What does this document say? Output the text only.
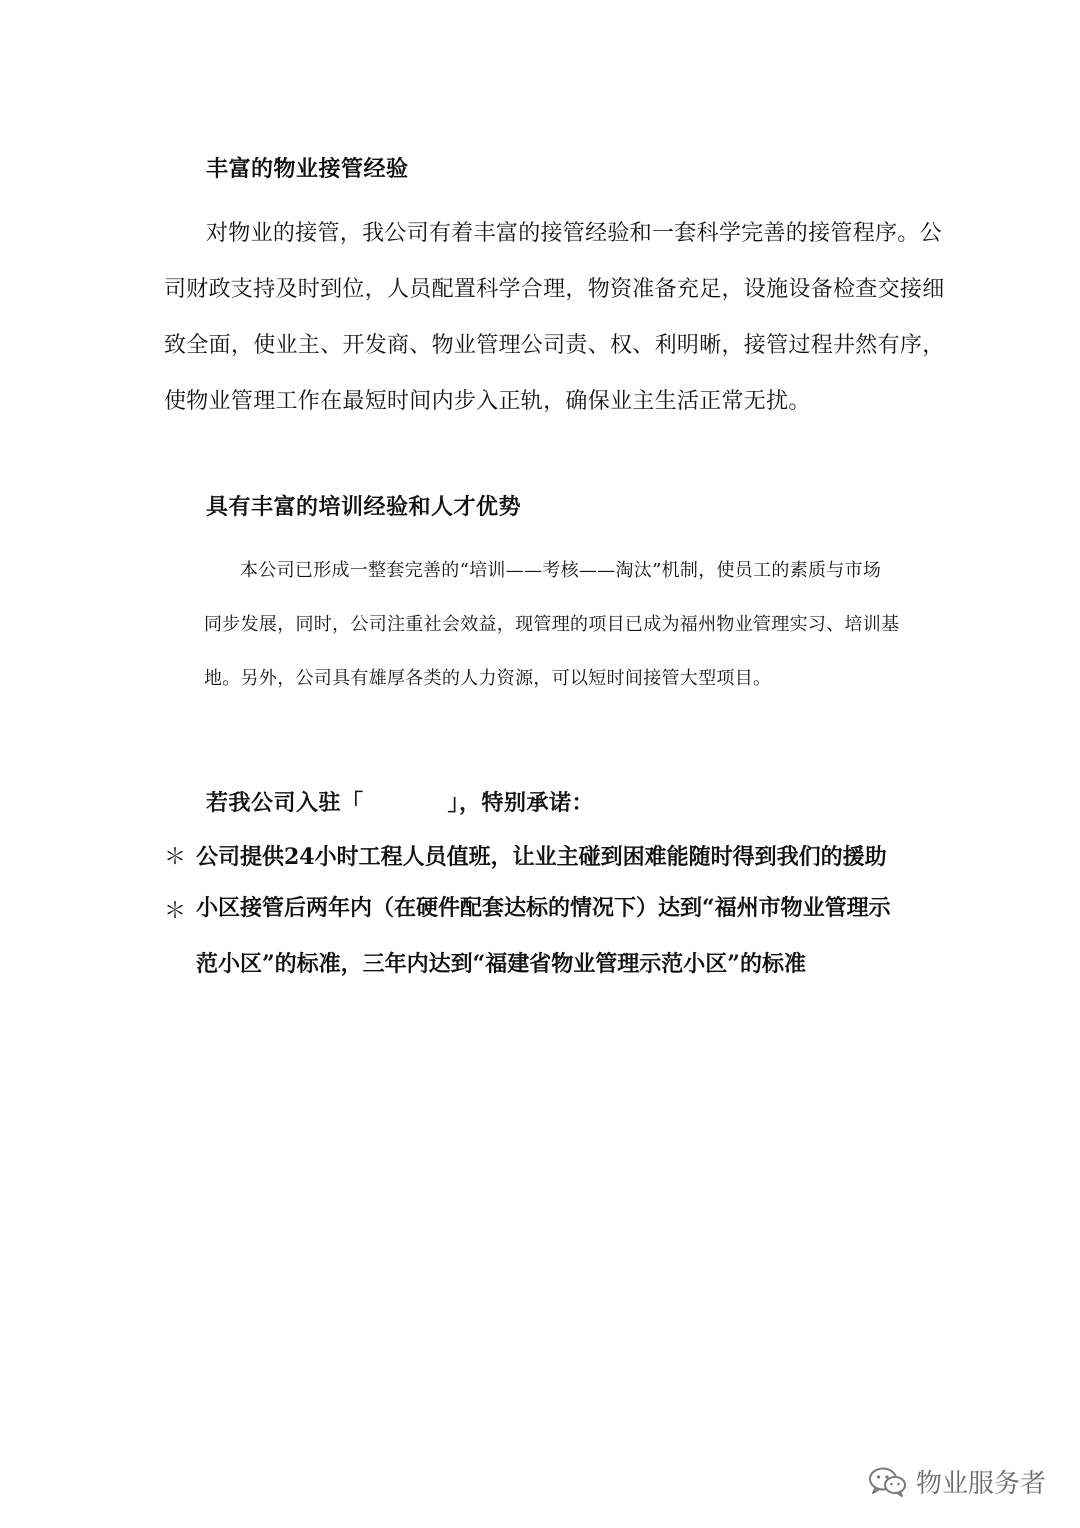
丰富的物业接管经验
对物业的接管，我公司有着丰富的接管经验和一套科学完善的接管程序。公
司财政支持及时到位，人员配置科学合理，物资准备充足，设施设备检查交接细
致全面，使业主、开发商、物业管理公司责、权、利明晰，接管过程井然有序，
使物业管理工作在最短时间内步入正轨，确保业主生活正常无扰。
具有丰富的培训经验和人才优势
本公司已形成一整套完善的“培训——考核——淘汰”机制，使员工的素质与市场
同步发展，同时，公司注重社会效益，现管理的项目已成为福州物业管理实习、培训基
地。另外，公司具有雄厚各类的人力资源，可以短时间接管大型项目。
若我公司入驻「	」，特别承诺：
＊ 公司提供24小时工程人员值班，让业主碰到困难能随时得到我们的援助
＊ 小区接管后两年内（在硬件配套达标的情况下）达到“福州市物业管理示
范小区”的标准，三年内达到“福建省物业管理示范小区”的标准
物业服务者
